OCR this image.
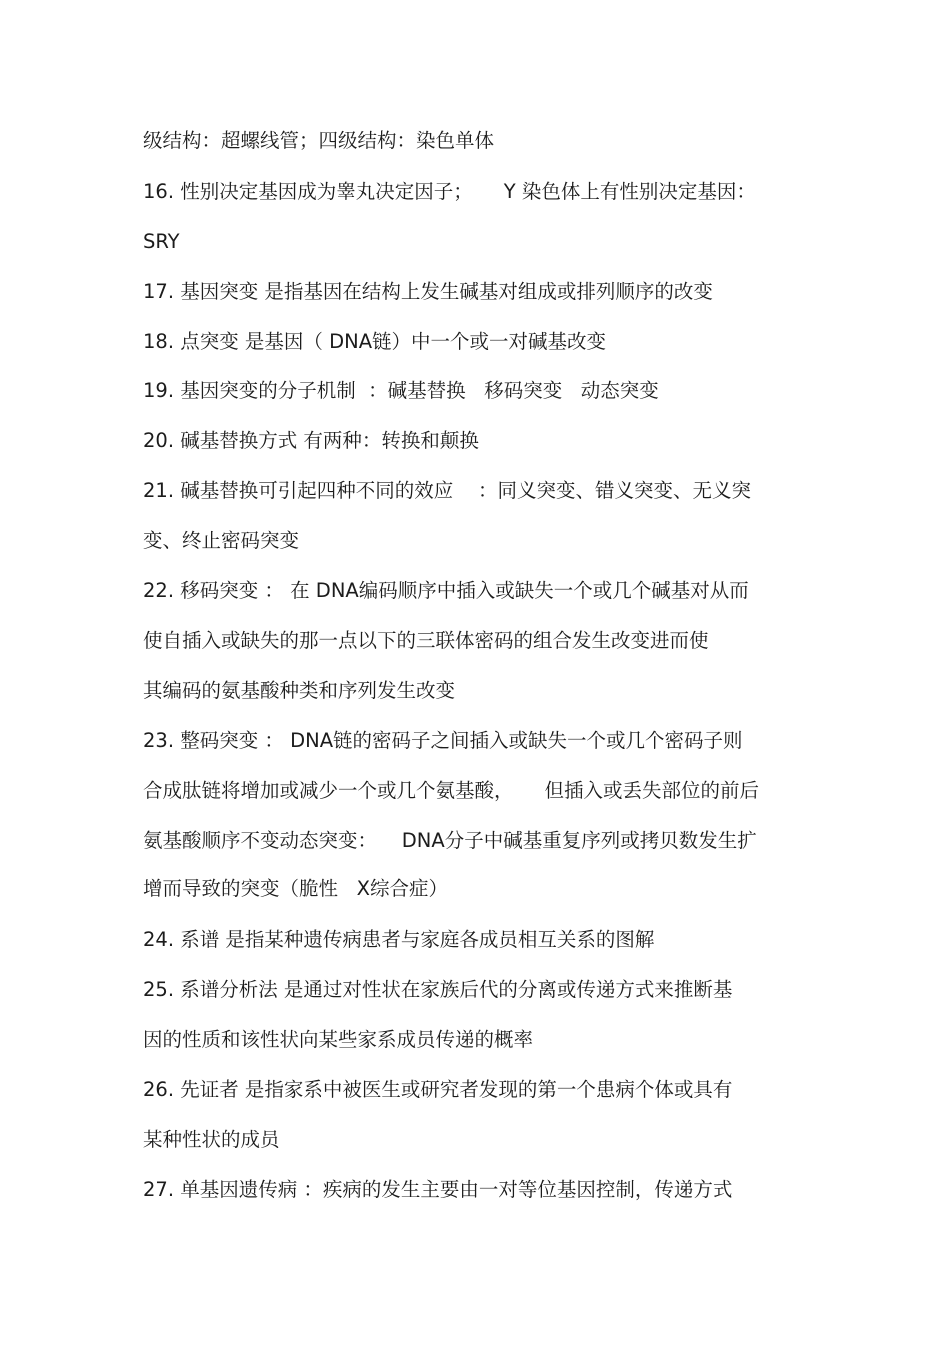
级结构：超螺线管；四级结构：染色单体
16. 性别决定基因成为睾丸决定因子；     Y 染色体上有性别决定基因：
SRY
17. 基因突变 是指基因在结构上发生碱基对组成或排列顺序的改变
18. 点突变 是基因（ DNA链）中一个或一对碱基改变
19. 基因突变的分子机制  ：碱基替换   移码突变   动态突变
20. 碱基替换方式 有两种：转换和颠换
21. 碱基替换可引起四种不同的效应    ：同义突变、错义突变、无义突
变、终止密码突变
22. 移码突变 ： 在 DNA编码顺序中插入或缺失一个或几个碱基对从而
使自插入或缺失的那一点以下的三联体密码的组合发生改变进而使
其编码的氨基酸种类和序列发生改变
23. 整码突变 ： DNA链的密码子之间插入或缺失一个或几个密码子则
合成肽链将增加或减少一个或几个氨基酸，     但插入或丢失部位的前后
氨基酸顺序不变动态突变：    DNA分子中碱基重复序列或拷贝数发生扩
增而导致的突变（脆性   X综合症）
24. 系谱 是指某种遗传病患者与家庭各成员相互关系的图解
25. 系谱分析法 是通过对性状在家族后代的分离或传递方式来推断基
因的性质和该性状向某些家系成员传递的概率
26. 先证者 是指家系中被医生或研究者发现的第一个患病个体或具有
某种性状的成员
27. 单基因遗传病 ：疾病的发生主要由一对等位基因控制，传递方式
